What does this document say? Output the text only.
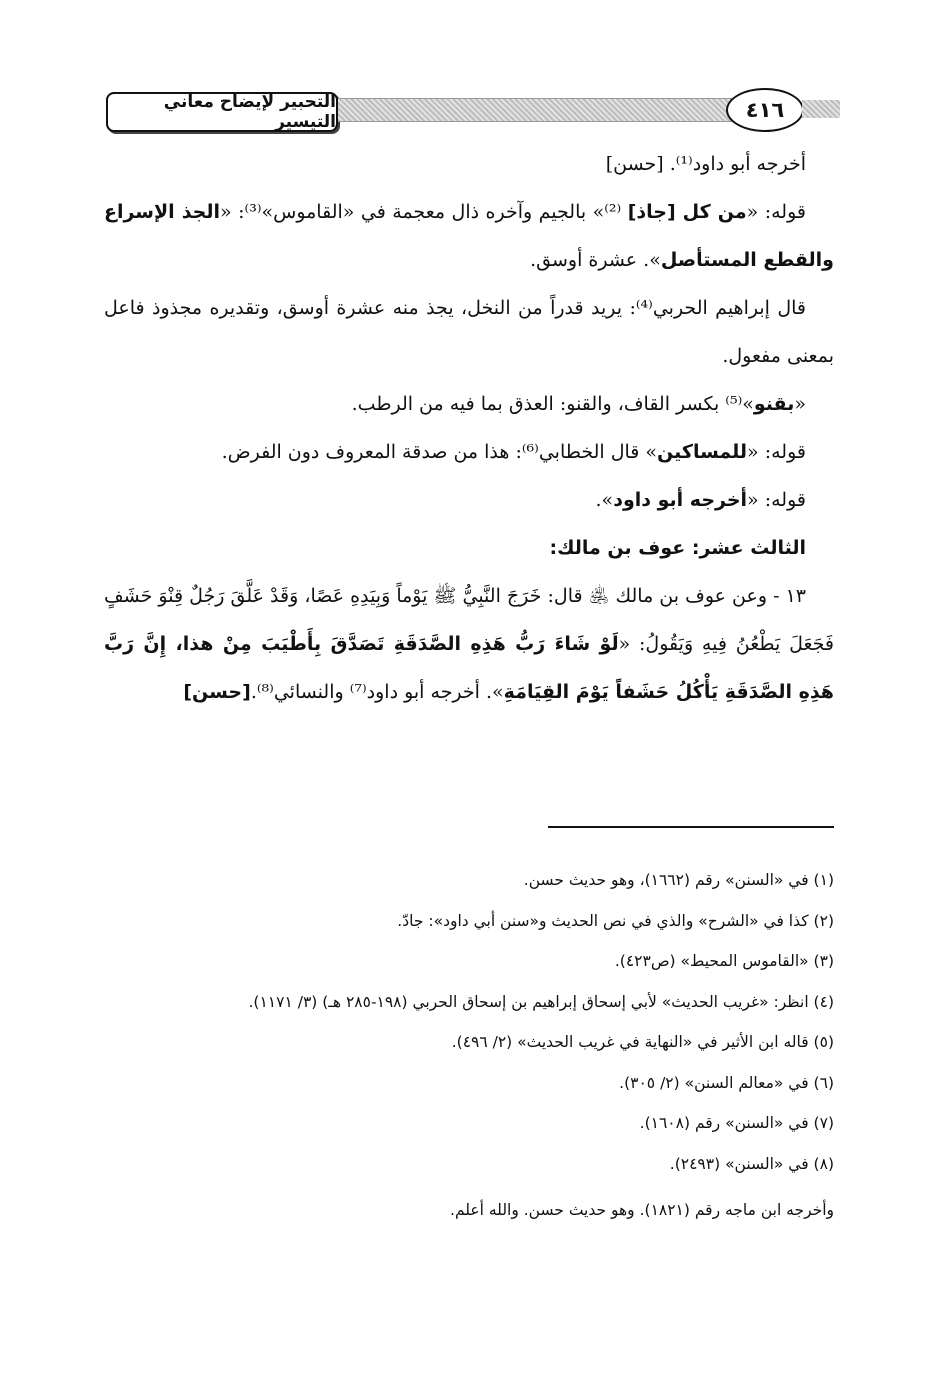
التحبير لإيضاح معاني التيسير	٤١٦

أخرجه أبو داود⁽¹⁾. [حسن]

قوله: «من كل [جاذ] ⁽²⁾» بالجيم وآخره ذال معجمة في «القاموس»⁽³⁾: «الجذ الإسراع والقطع المستأصل». عشرة أوسق.

قال إبراهيم الحربي⁽⁴⁾: يريد قدراً من النخل، يجذ منه عشرة أوسق، وتقديره مجذوذ فاعل بمعنى مفعول.

«بقنو»⁽⁵⁾ بكسر القاف، والقنو: العذق بما فيه من الرطب.

قوله: «للمساكين» قال الخطابي⁽⁶⁾: هذا من صدقة المعروف دون الفرض.

قوله: «أخرجه أبو داود».

الثالث عشر: عوف بن مالك:

١٣ - وعن عوف بن مالك ﵁ قال: خَرَجَ النَّبِيُّ ﷺ يَوْماً وَبِيَدِهِ عَصًا، وَقَدْ عَلَّقَ رَجُلٌ قِنْوَ حَشَفٍ فَجَعَلَ يَطْعُنُ فِيهِ وَيَقُولُ: «لَوْ شَاءَ رَبُّ هَذِهِ الصَّدَقَةِ تَصَدَّقَ بِأَطْيَبَ مِنْ هذا، إِنَّ رَبَّ هَذِهِ الصَّدَقَةِ يَأْكُلُ حَشَفاً يَوْمَ القِيَامَةِ». أخرجه أبو داود⁽⁷⁾ والنسائي⁽⁸⁾.[حسن]

(١) في «السنن» رقم (١٦٦٢)، وهو حديث حسن.

(٢) كذا في «الشرح» والذي في نص الحديث و«سنن أبي داود»: جادّ.

(٣) «القاموس المحيط» (ص٤٢٣).

(٤) انظر: «غريب الحديث» لأبي إسحاق إبراهيم بن إسحاق الحربي (١٩٨-٢٨٥ هـ) (٣/ ١١٧١).

(٥) قاله ابن الأثير في «النهاية في غريب الحديث» (٢/ ٤٩٦).

(٦) في «معالم السنن» (٢/ ٣٠٥).

(٧) في «السنن» رقم (١٦٠٨).

(٨) في «السنن» (٢٤٩٣).

وأخرجه ابن ماجه رقم (١٨٢١). وهو حديث حسن. والله أعلم.
